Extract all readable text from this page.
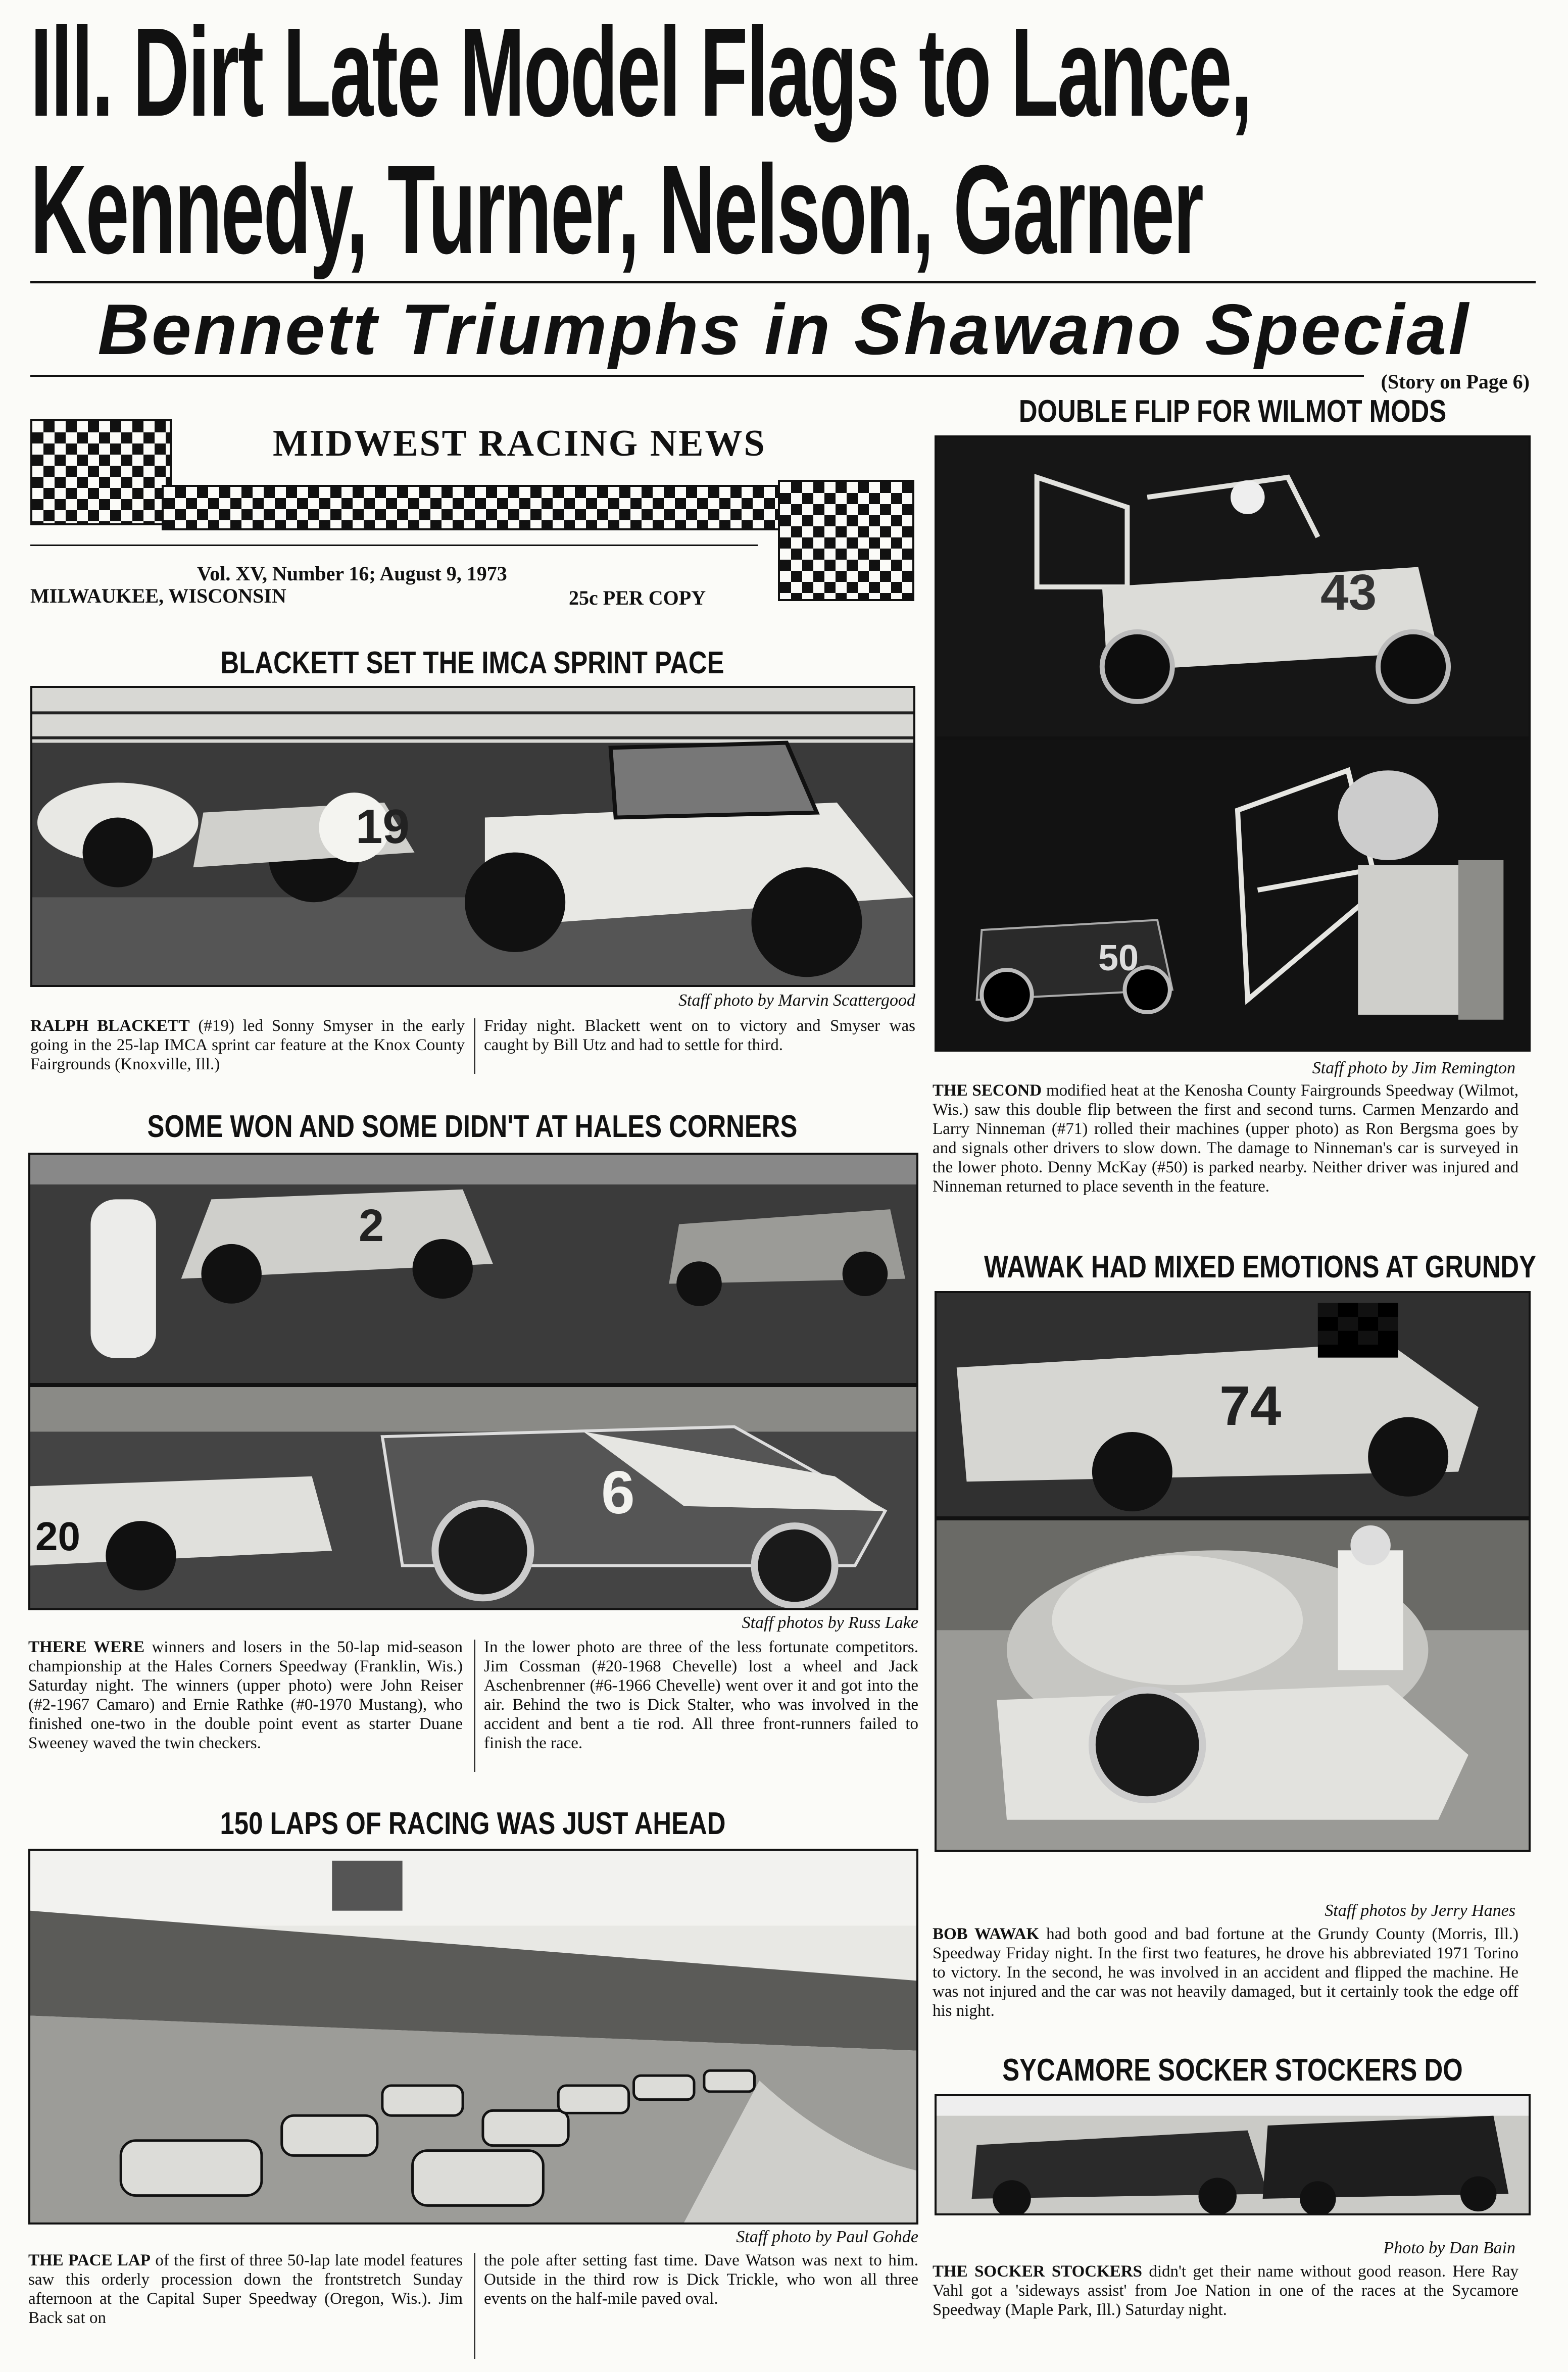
Ill. Dirt Late Model Flags to Lance,
Kennedy, Turner, Nelson, Garner
Bennett Triumphs in Shawano Special
(Story on Page 6)
MIDWEST RACING NEWS
Vol. XV, Number 16; August 9, 1973
MILWAUKEE, WISCONSIN	25c PER COPY
BLACKETT SET THE IMCA SPRINT PACE
19
Staff photo by Marvin Scattergood
RALPH BLACKETT (#19) led Sonny Smyser in the early going in the 25-lap IMCA sprint car feature at the Knox County Fairgrounds (Knoxville, Ill.)
Friday night. Blackett went on to victory and Smyser was caught by Bill Utz and had to settle for third.
SOME WON AND SOME DIDN'T AT HALES CORNERS
2
20
6
Staff photos by Russ Lake
THERE WERE winners and losers in the 50-lap mid-season championship at the Hales Corners Speedway (Franklin, Wis.) Saturday night. The winners (upper photo) were John Reiser (#2-1967 Camaro) and Ernie Rathke (#0-1970 Mustang), who finished one-two in the double point event as starter Duane Sweeney waved the twin checkers.
In the lower photo are three of the less fortunate competitors. Jim Cossman (#20-1968 Chevelle) lost a wheel and Jack Aschenbrenner (#6-1966 Chevelle) went over it and got into the air. Behind the two is Dick Stalter, who was involved in the accident and bent a tie rod. All three front-runners failed to finish the race.
150 LAPS OF RACING WAS JUST AHEAD
Staff photo by Paul Gohde
THE PACE LAP of the first of three 50-lap late model features saw this orderly procession down the frontstretch Sunday afternoon at the Capital Super Speedway (Oregon, Wis.). Jim Back sat on
the pole after setting fast time. Dave Watson was next to him. Outside in the third row is Dick Trickle, who won all three events on the half-mile paved oval.
DOUBLE FLIP FOR WILMOT MODS
43
50
Staff photo by Jim Remington
THE SECOND modified heat at the Kenosha County Fairgrounds Speedway (Wilmot, Wis.) saw this double flip between the first and second turns. Carmen Menzardo and Larry Ninneman (#71) rolled their machines (upper photo) as Ron Bergsma goes by and signals other drivers to slow down. The damage to Ninneman's car is surveyed in the lower photo. Denny McKay (#50) is parked nearby. Neither driver was injured and Ninneman returned to place seventh in the feature.
WAWAK HAD MIXED EMOTIONS AT GRUNDY
74
Staff photos by Jerry Hanes
BOB WAWAK had both good and bad fortune at the Grundy County (Morris, Ill.) Speedway Friday night. In the first two features, he drove his abbreviated 1971 Torino to victory. In the second, he was involved in an accident and flipped the machine. He was not injured and the car was not heavily damaged, but it certainly took the edge off his night.
SYCAMORE SOCKER STOCKERS DO
Photo by Dan Bain
THE SOCKER STOCKERS didn't get their name without good reason. Here Ray Vahl got a 'sideways assist' from Joe Nation in one of the races at the Sycamore Speedway (Maple Park, Ill.) Saturday night.
